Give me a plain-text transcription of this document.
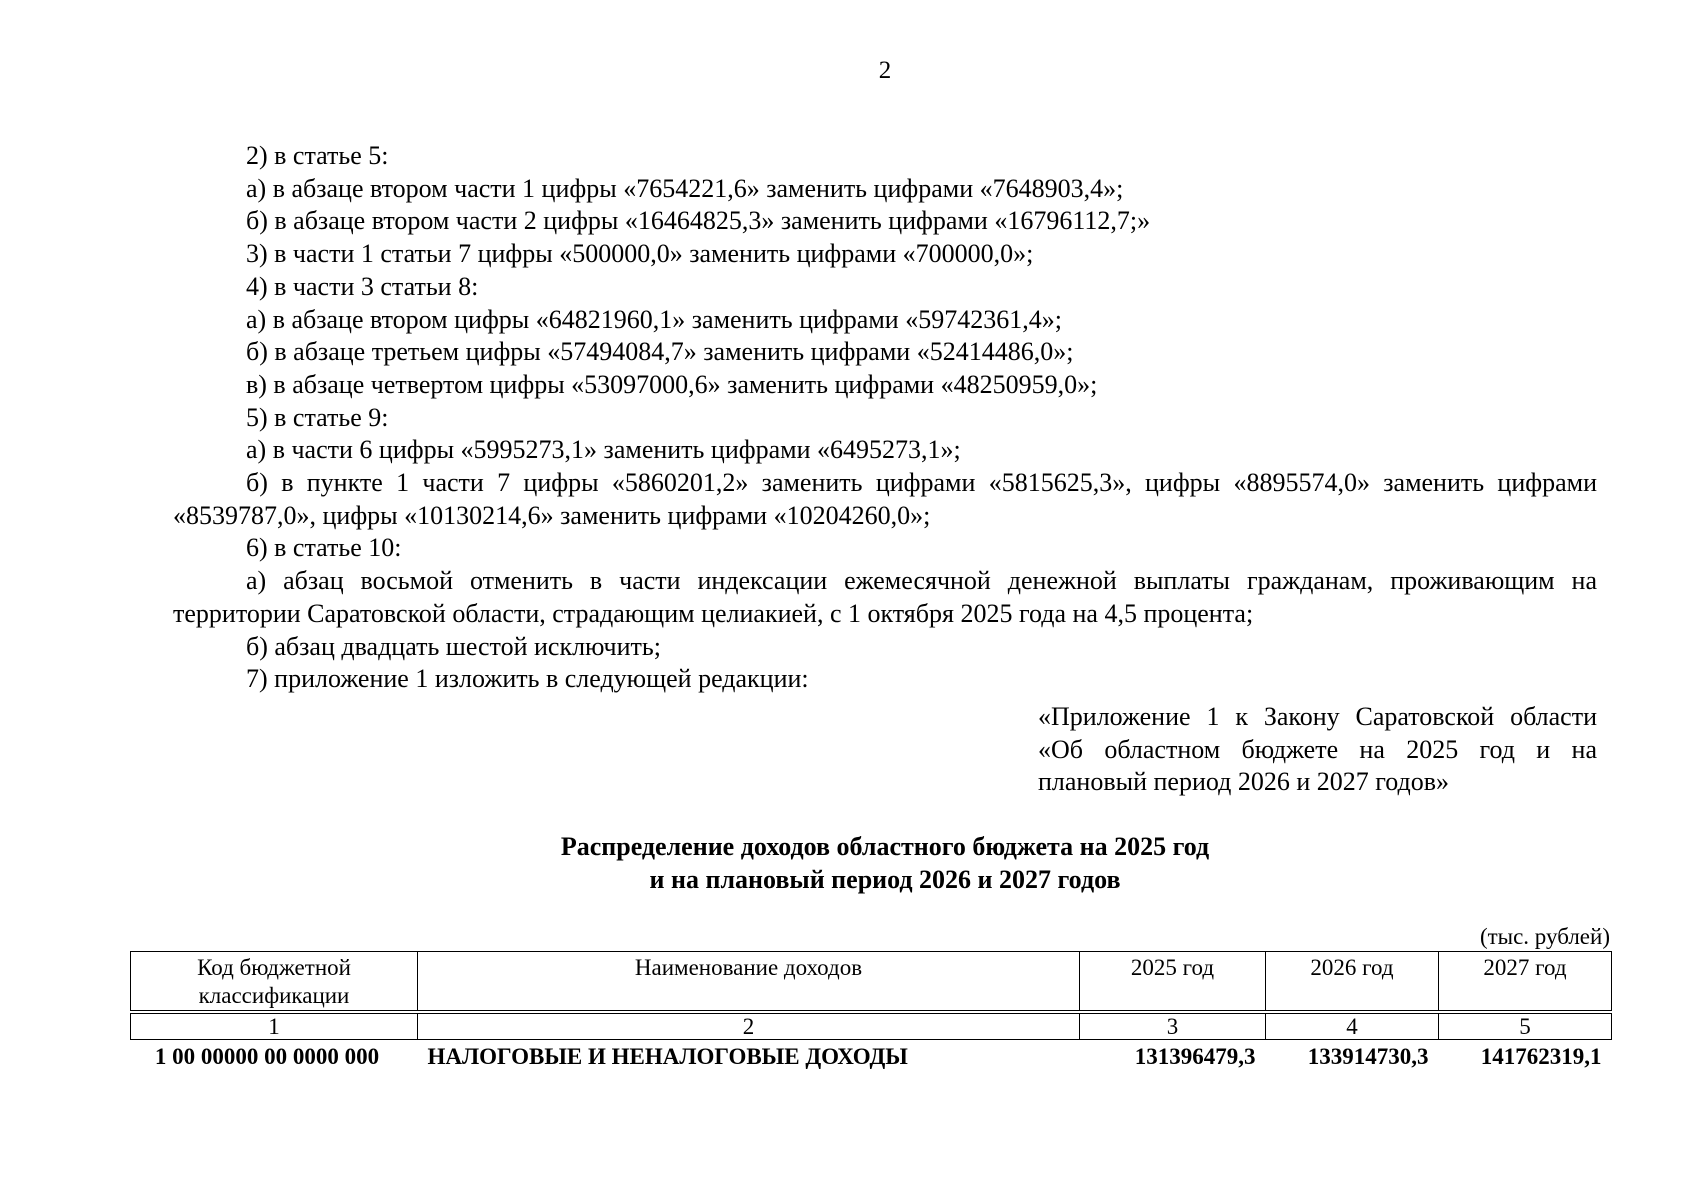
2

2) в статье 5:

а) в абзаце втором части 1 цифры «7654221,6» заменить цифрами «7648903,4»;

б) в абзаце втором части 2 цифры «16464825,3» заменить цифрами «16796112,7;»

3) в части 1 статьи 7 цифры «500000,0» заменить цифрами «700000,0»;

4) в части 3 статьи 8:

а) в абзаце втором цифры «64821960,1» заменить цифрами «59742361,4»;

б) в абзаце третьем цифры «57494084,7» заменить цифрами «52414486,0»;

в) в абзаце четвертом цифры «53097000,6» заменить цифрами «48250959,0»;

5) в статье 9:

а) в части 6 цифры «5995273,1» заменить цифрами «6495273,1»;

б) в пункте 1 части 7 цифры «5860201,2» заменить цифрами «5815625,3», цифры «8895574,0» заменить цифрами «8539787,0», цифры «10130214,6» заменить цифрами «10204260,0»;

6) в статье 10:

а) абзац восьмой отменить в части индексации ежемесячной денежной выплаты гражданам, проживающим на территории Саратовской области, страдающим целиакией, с 1 октября 2025 года на 4,5 процента;

б) абзац двадцать шестой исключить;

7) приложение 1 изложить в следующей редакции:

«Приложение 1 к Закону Саратовской области «Об областном бюджете на 2025 год и на плановый период 2026 и 2027 годов»

Распределение доходов областного бюджета на 2025 год
и на плановый период 2026 и 2027 годов
(тыс. рублей)
Код бюджетной классификации	Наименование доходов	2025 год	2026 год	2027 год
1	2	3	4	5
1 00 00000 00 0000 000	НАЛОГОВЫЕ И НЕНАЛОГОВЫЕ ДОХОДЫ	131396479,3	133914730,3	141762319,1
